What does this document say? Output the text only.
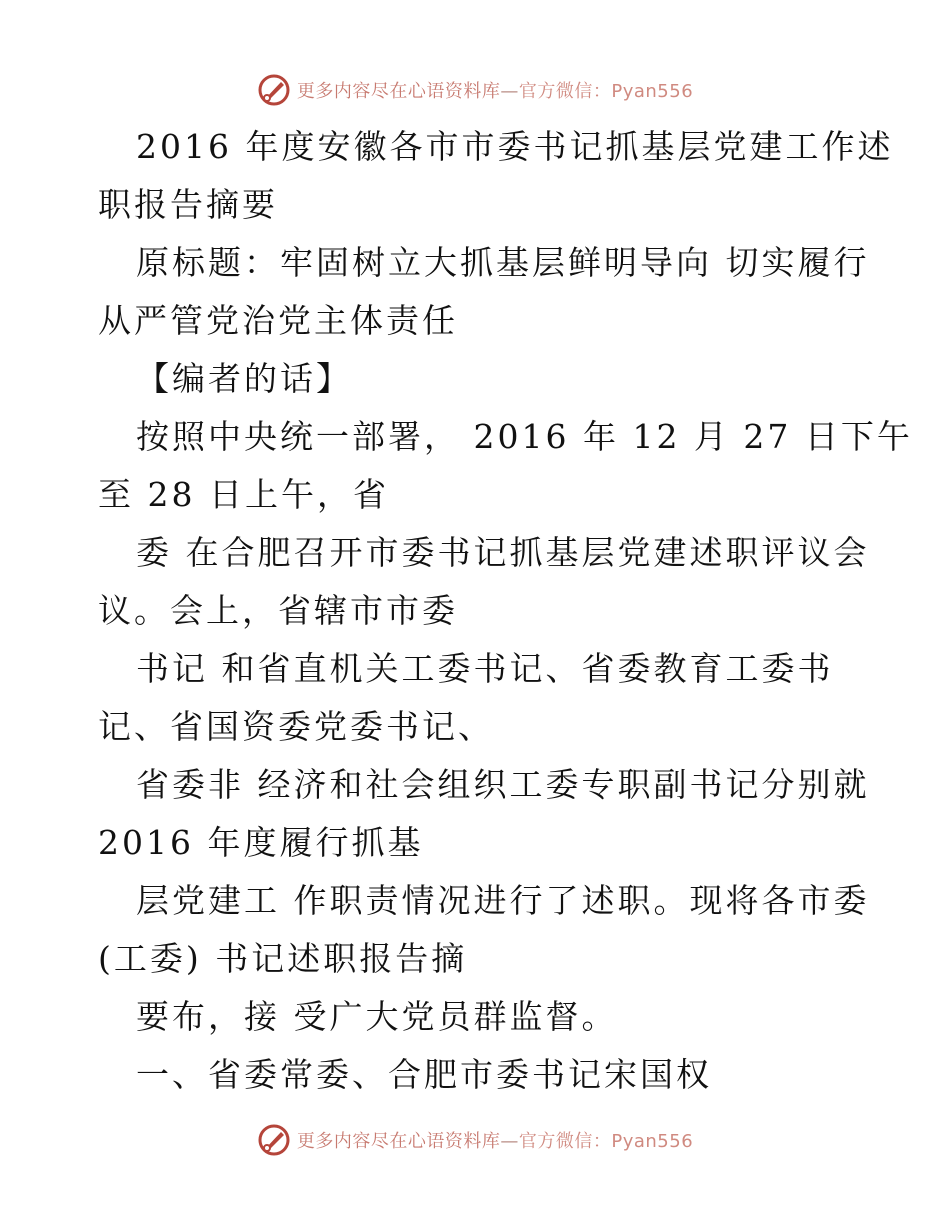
更多内容尽在心语资料库—官方微信：Pyan556
2016 年度安徽各市市委书记抓基层党建工作述
职报告摘要
原标题：牢固树立大抓基层鲜明导向 切实履行
从严管党治党主体责任
【编者的话】
按照中央统一部署， 2016 年 12 月 27 日下午
至 28 日上午，省
委 在合肥召开市委书记抓基层党建述职评议会
议。会上，省辖市市委
书记 和省直机关工委书记、省委教育工委书
记、省国资委党委书记、
省委非 经济和社会组织工委专职副书记分别就
2016 年度履行抓基
层党建工 作职责情况进行了述职。现将各市委
(工委) 书记述职报告摘
要布，接 受广大党员群监督。
一、省委常委、合肥市委书记宋国权
更多内容尽在心语资料库—官方微信：Pyan556
